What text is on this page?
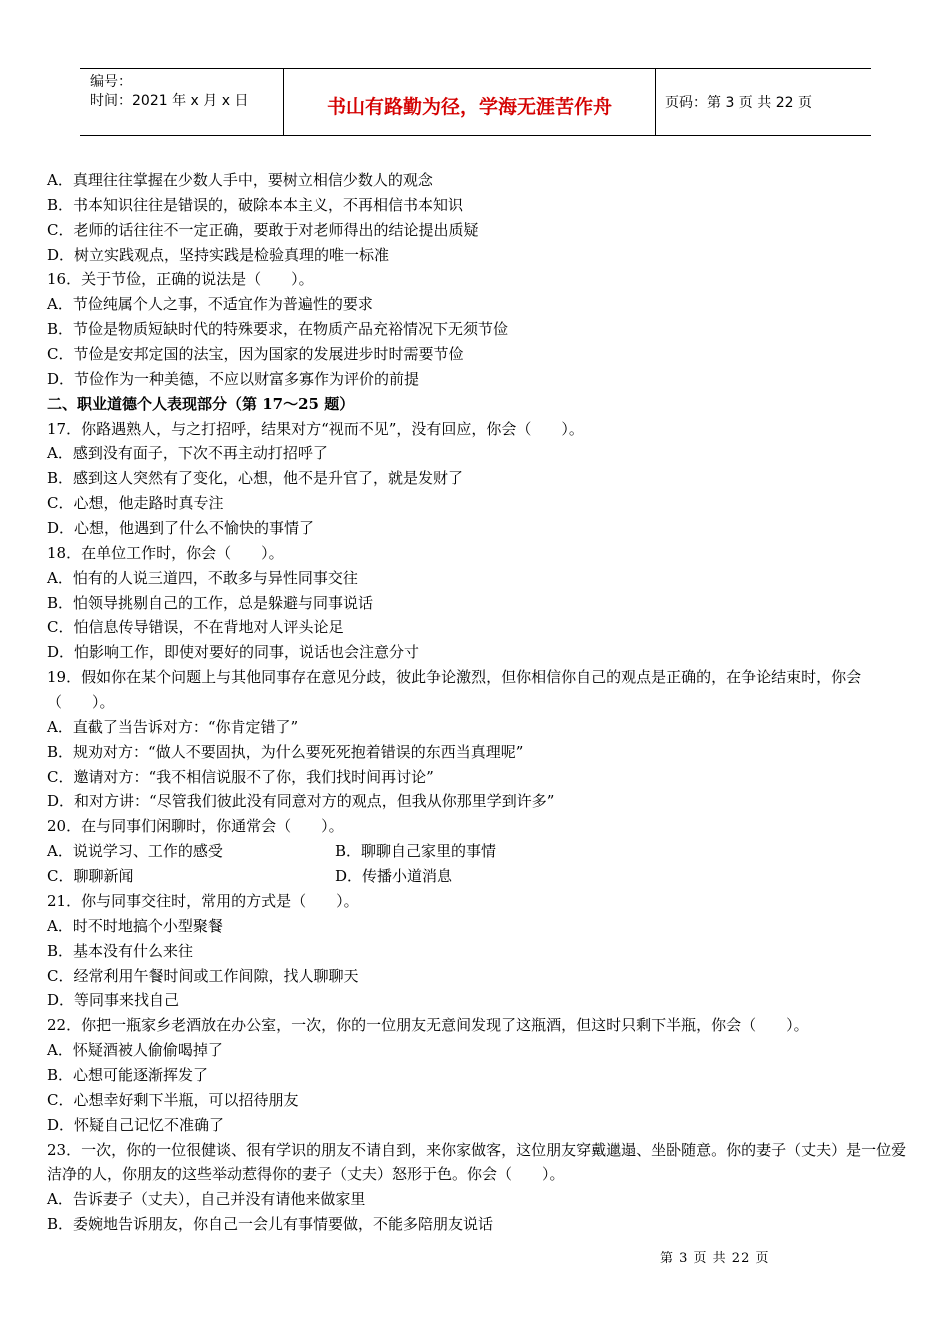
编号：
时间：2021 年 x 月 x 日	书山有路勤为径，学海无涯苦作舟	页码：第 3 页 共 22 页
A．真理往往掌握在少数人手中，要树立相信少数人的观念
B．书本知识往往是错误的，破除本本主义，不再相信书本知识
C．老师的话往往不一定正确，要敢于对老师得出的结论提出质疑
D．树立实践观点，坚持实践是检验真理的唯一标准
16．关于节俭，正确的说法是（　　）。
A．节俭纯属个人之事，不适宜作为普遍性的要求
B．节俭是物质短缺时代的特殊要求，在物质产品充裕情况下无须节俭
C．节俭是安邦定国的法宝，因为国家的发展进步时时需要节俭
D．节俭作为一种美德，不应以财富多寡作为评价的前提
二、职业道德个人表现部分（第 17～25 题）
17．你路遇熟人，与之打招呼，结果对方“视而不见”，没有回应，你会（　　）。
A．感到没有面子，下次不再主动打招呼了
B．感到这人突然有了变化，心想，他不是升官了，就是发财了
C．心想，他走路时真专注
D．心想，他遇到了什么不愉快的事情了
18．在单位工作时，你会（　　）。
A．怕有的人说三道四，不敢多与异性同事交往
B．怕领导挑剔自己的工作，总是躲避与同事说话
C．怕信息传导错误，不在背地对人评头论足
D．怕影响工作，即使对要好的同事，说话也会注意分寸
19．假如你在某个问题上与其他同事存在意见分歧，彼此争论激烈，但你相信你自己的观点是正确的，在争论结束时，你会（　　）。
A．直截了当告诉对方：“你肯定错了”
B．规劝对方：“做人不要固执，为什么要死死抱着错误的东西当真理呢”
C．邀请对方：“我不相信说服不了你，我们找时间再讨论”
D．和对方讲：“尽管我们彼此没有同意对方的观点，但我从你那里学到许多”
20．在与同事们闲聊时，你通常会（　　）。
A．说说学习、工作的感受	B．聊聊自己家里的事情
C．聊聊新闻	D．传播小道消息
21．你与同事交往时，常用的方式是（　　）。
A．时不时地搞个小型聚餐
B．基本没有什么来往
C．经常利用午餐时间或工作间隙，找人聊聊天
D．等同事来找自己
22．你把一瓶家乡老酒放在办公室，一次，你的一位朋友无意间发现了这瓶酒，但这时只剩下半瓶，你会（　　）。
A．怀疑酒被人偷偷喝掉了
B．心想可能逐渐挥发了
C．心想幸好剩下半瓶，可以招待朋友
D．怀疑自己记忆不准确了
23．一次，你的一位很健谈、很有学识的朋友不请自到，来你家做客，这位朋友穿戴邋遢、坐卧随意。你的妻子（丈夫）是一位爱洁净的人，你朋友的这些举动惹得你的妻子（丈夫）怒形于色。你会（　　）。
A．告诉妻子（丈夫），自己并没有请他来做家里
B．委婉地告诉朋友，你自己一会儿有事情要做，不能多陪朋友说话
第 3 页 共 22 页
